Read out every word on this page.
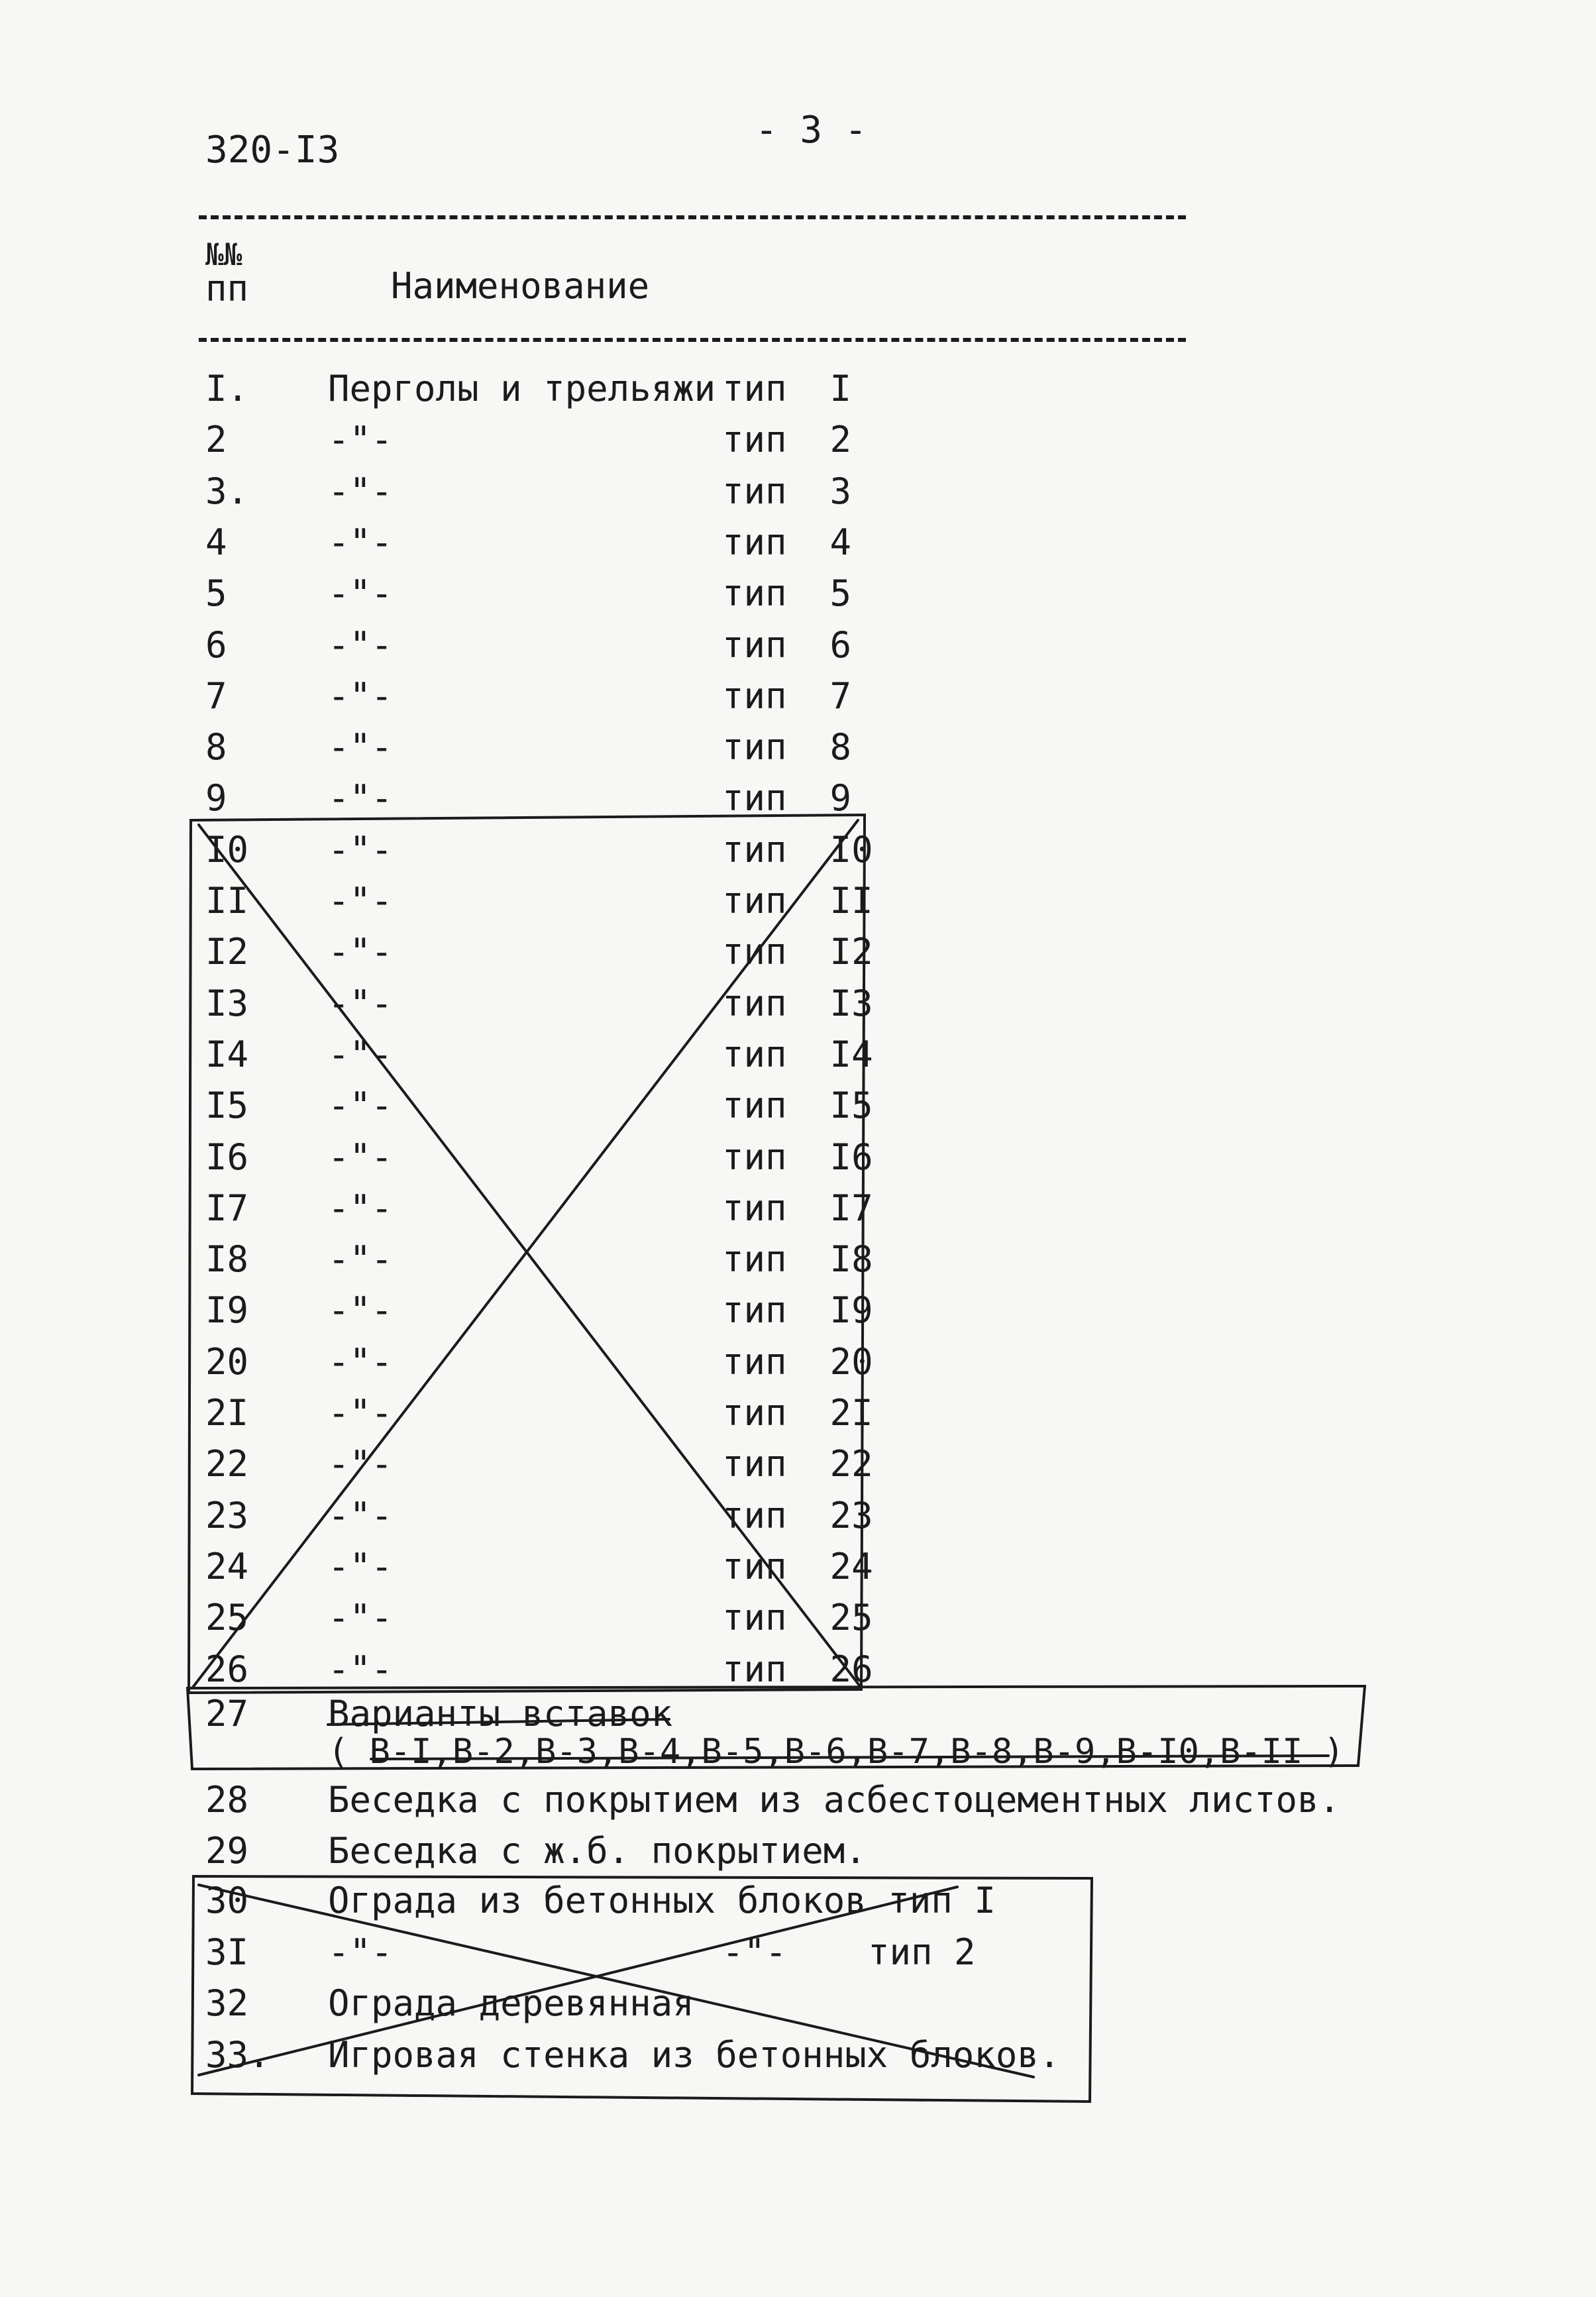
320-I3	- 3 -
№№
пп	Наименование
I. Перголы и трельяжи тип  I
2	-"-	тип  2
3. -"-	тип  3
4	-"-	тип  4
5	-"-	тип  5
6	-"-	тип  6
7	-"-	тип  7
8	-"-	тип  8
9	-"-	тип  9
I0 -"-	тип  I0
II -"-	тип  II
I2 -"-	тип  I2
I3 -"-	тип  I3
I4 -"-	тип  I4
I5 -"-	тип  I5
I6 -"-	тип  I6
I7 -"-	тип  I7
I8 -"-	тип  I8
I9 -"-	тип  I9
20 -"-	тип  20
2I -"-	тип  2I
22 -"-	тип  22
23 -"-	тип  23
24 -"-	тип  24
25 -"-	тип  25
26 -"-	тип  26
27 Варианты вставок
( В-I,В-2,В-3,В-4,В-5,В-6,В-7,В-8,В-9,В-I0,В-II )
28 Беседка с покрытием из асбестоцементных листов.
29 Беседка с ж.б. покрытием.
30 Ограда из бетонных блоков тип I
3I -"-	-"- тип 2
32 Ограда деревянная
33. Игровая стенка из бетонных блоков.
